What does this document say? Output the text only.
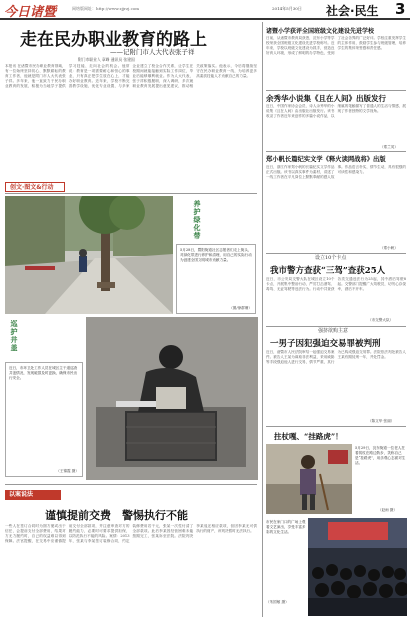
今日诸暨	网络版网址：http://www.zjjrzj.com	2014年5月30日 社会·民生 3
走在民办职业教育的路上
——记附门市人大代表张子祥
附门市职业人 章峥 通讯员 张建国
本报讯 在诸暨市民办职业教育领域，有一位始终坚持初心、默默耕耘的教育工作者，他就是附门市人大代表张子祥。多年来，他一直致力于民办职业教育的发展，积极为当地学子提供学习技能、走向社会的机会。他常说：教育是一项需要耐心和恒心的事业，只有真正把学生放在心上，才能办好职业教育。近年来，学校不断完善教学设施，优化专业设置，与多家企业建立了校企合作关系，让学生在校期间就能接触到实际工作岗位，毕业后能够顺利就业。作为人大代表，张子祥积极履职，深入调研，多次就职业教育发展提出意见建议，推动相关政策落实。他表示，今后将继续坚守在民办职业教育一线，为培养更多高素质技能人才贡献自己的力量。
创文·图文&行动
养护绿化带
5月28日，暨阳街道社区志愿者们走上街头，对绿化带进行养护和清理，用自己的实际行动为创建全国文明城市贡献力量。
（图/徐群珊）
巡护井盖
近日，市环卫处工作人员在城区主干道巡查井盖情况，发现破损及时更换，确保市民出行安全。
（王锦霞 摄）
以案说法
谨慎提前交费　警惕执行不能
一些人在签订合同时为图方便或出于信任，会提前支付全部费用，结果对方无力履约时，自己的权益难以得到保障。法官提醒，在交易中应谨慎提前交付全部款项，并注意审查对方的履约能力，必要时可要求提供担保，以防范执行不能的风险。案情：2013年，张某与李某签订装修合同，约定装修费用若干元，张某一次性付清了全部款项。此后李某因经营困难未能按期完工，张某诉至法院。法院判决李某返还相应款项，但因李某无可供执行的财产，该判决暂时无法执行。
诸暨小学获评全国班级文化建设先进学校
日前，从诸暨市教育局获悉，浣东小学等学校荣获全国班级文化建设先进学校称号。近年来，学校以班级文化建设为抓手，营造良好育人环境，形成了鲜明的办学特色，受到了社会各界的广泛好评。学校注重发挥学生的主体作用，鼓励学生参与班级管理，培养学生的集体荣誉感和责任感。
余秀华小说集《且在人间》出版发行
近日，中国作家协会会员、诗人余秀华的小说集《且在人间》由出版社出版发行。该书收录了作者近年来创作的多篇小说作品，以细腻的笔触描写了普通人的生活与情感，展现了作者独特的文学视角。
（郑兰英）
郑小帆长篇纪实文学《释火读网战将》出版
近日，浙江作家郑小帆的长篇纪实文学作品正式出版。该书以真实事件为素材，讲述了一线工作者在平凡岗位上默默奉献的感人故事。作品语言朴实，情节生动，具有很强的可读性和感染力。
（郑小帆）
设立10个卡点
我市警方查获“三驾”查获25人
近日，市公安局交警大队在城区设立10个卡点，开展集中整治行动，严厉打击酒驾、毒驾、无证驾驶等违法行为。行动中共查获各类交通违法行为25起，其中酒后驾驶8起。交警部门提醒广大驾驶员，切勿心存侥幸，酒后不开车。
（市交警大队）
强挤欲购主意
一男子因犯强迫交易罪被判刑
近日，诸暨市人民法院审结一起强迫交易案件。被告人王某为谋取非法利益，采用威胁等手段强迫他人进行交易，情节严重，其行为已构成强迫交易罪。法院依法判处被告人王某有期徒刑一年，并处罚金。
（陈文华 张丽）
拄杖嘎、“挂路虎”！
5月29日，浣东街道一位老人拄着拐杖在路边散步，笑称自己是“挂路虎”，用乐观心态面对生活。
（赵雨 摄）
市民在家门口的广场上观看文艺演出，享受丰富多彩的文化生活。
（朱国敏 摄）
